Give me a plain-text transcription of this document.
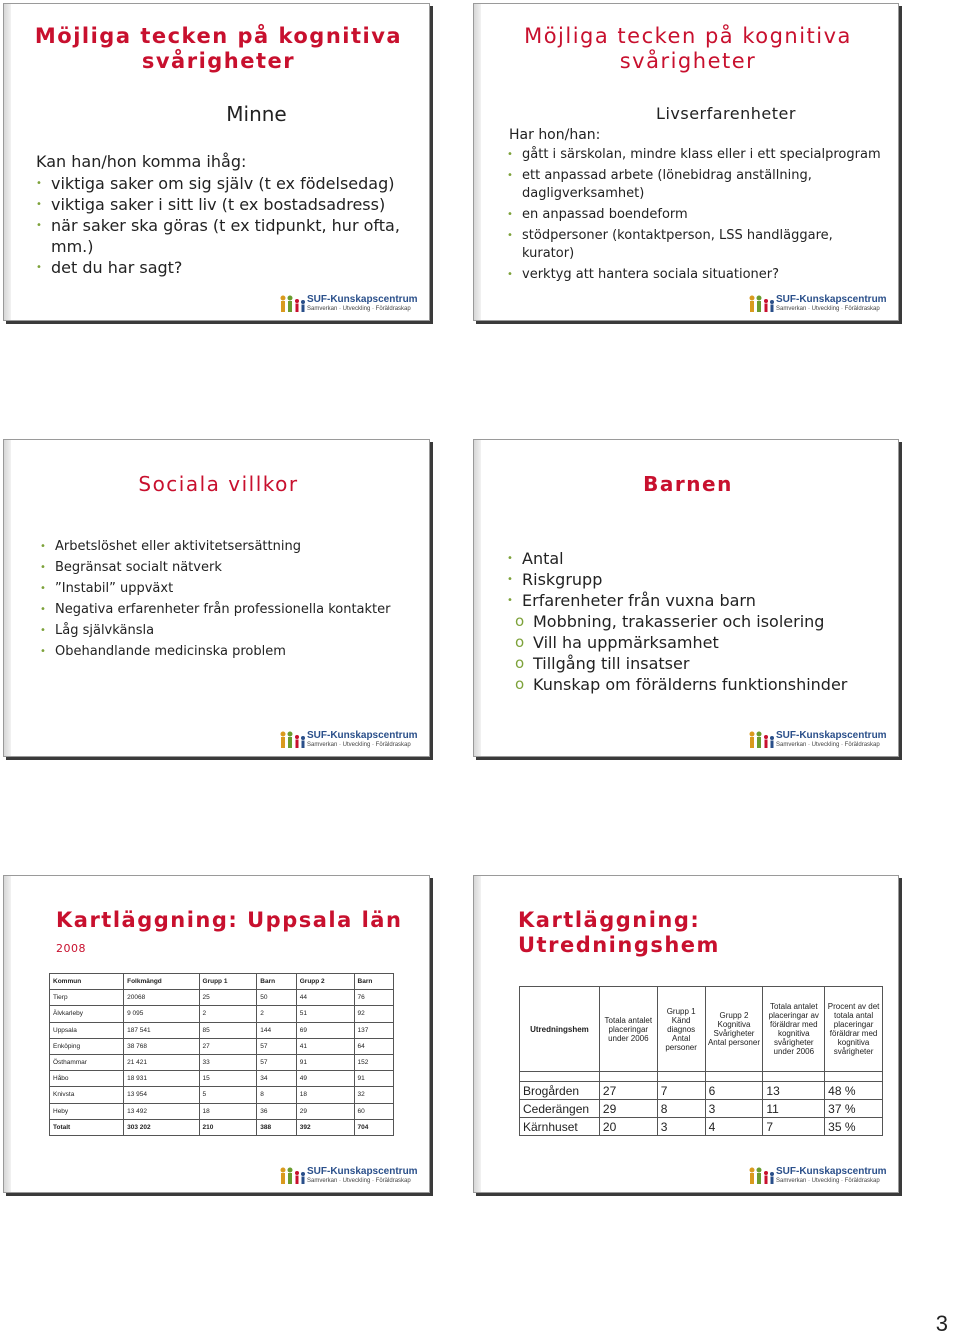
Möjliga tecken på kognitiva svårigheter
Minne
Kan han/hon komma ihåg:
• viktiga saker om sig själv (t ex födelsedag)
• viktiga saker i sitt liv (t ex bostadsadress)
• när saker ska göras (t ex tidpunkt, hur ofta, mm.)
• det du har sagt?
SUF-Kunskapscentrum
Samverkan · Utveckling · Föräldraskap
Möjliga tecken på kognitiva svårigheter
Livserfarenheter
Har hon/han:
• gått i särskolan, mindre klass eller i ett specialprogram
• ett anpassad arbete (lönebidrag anställning, dagligverksamhet)
• en anpassad boendeform
• stödpersoner (kontaktperson, LSS handläggare, kurator)
• verktyg att hantera sociala situationer?
SUF-Kunskapscentrum
Samverkan · Utveckling · Föräldraskap
Sociala villkor
• Arbetslöshet eller aktivitetsersättning
• Begränsat socialt nätverk
• ”Instabil” uppväxt
• Negativa erfarenheter från professionella kontakter
• Låg självkänsla
• Obehandlande medicinska problem
SUF-Kunskapscentrum
Samverkan · Utveckling · Föräldraskap
Barnen
• Antal
• Riskgrupp
• Erfarenheter från vuxna barn
o Mobbning, trakasserier och isolering
o Vill ha uppmärksamhet
o Tillgång till insatser
o Kunskap om förälderns funktionshinder
SUF-Kunskapscentrum
Samverkan · Utveckling · Föräldraskap
Kartläggning: Uppsala län 2008
Kommun	Folkmängd	Grupp 1	Barn	Grupp 2	Barn
Tierp	20068	25	50	44	76
Älvkarleby	9 095	2	2	51	92
Uppsala	187 541	85	144	69	137
Enköping	38 768	27	57	41	64
Östhammar	21 421	33	57	91	152
Håbo	18 931	15	34	49	91
Knivsta	13 954	5	8	18	32
Heby	13 492	18	36	29	60
Totalt	303 202	210	388	392	704
SUF-Kunskapscentrum
Samverkan · Utveckling · Föräldraskap
Kartläggning: Utredningshem
Utredningshem	Totala antalet placeringar under 2006	Grupp 1 Känd diagnos Antal personer	Grupp 2 Kognitiva Svårigheter Antal personer	Totala antalet placeringar av föräldrar med kognitiva svårigheter under 2006	Procent av det totala antal placeringar föräldrar med kognitiva svårigheter

Brogården	27	7	6	13	48 %
Cederängen	29	8	3	11	37 %
Kärnhuset	20	3	4	7	35 %
SUF-Kunskapscentrum
Samverkan · Utveckling · Föräldraskap
3
